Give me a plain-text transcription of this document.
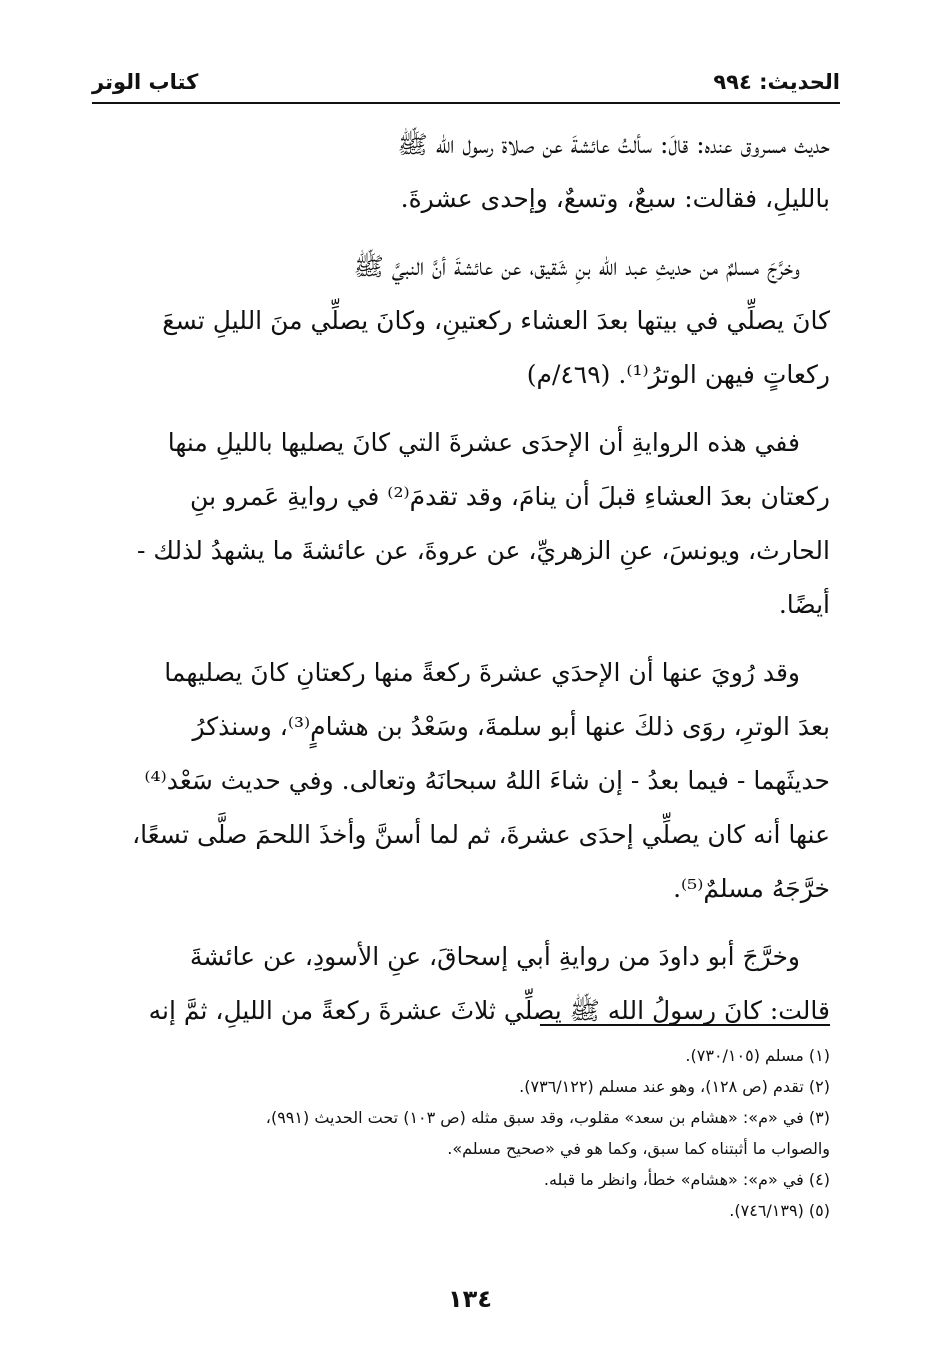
الحديث: ٩٩٤
كتاب الوتر

حديث مسروق عنده: قالَ: سألتُ عائشةَ عن صلاة رسول الله ﷺ
بالليلِ، فقالت: سبعٌ، وتسعٌ، وإحدى عشرةَ.

وخرَّجَ مسلمٌ من حديثِ عبد الله بنِ شَقيق، عن عائشةَ أنَّ النبيَّ ﷺ
كانَ يصلِّي في بيتها بعدَ العشاء ركعتينِ، وكانَ يصلِّي منَ الليلِ تسعَ
ركعاتٍ فيهن الوترُ⁽¹⁾. (٤٦٩/م)

ففي هذه الروايةِ أن الإحدَى عشرةَ التي كانَ يصليها بالليلِ منها
ركعتان بعدَ العشاءِ قبلَ أن ينامَ، وقد تقدمَ⁽²⁾ في روايةِ عَمرو بنِ
الحارث، ويونسَ، عنِ الزهريِّ، عن عروةَ، عن عائشةَ ما يشهدُ لذلك -
أيضًا.

وقد رُويَ عنها أن الإحدَي عشرةَ ركعةً منها ركعتانِ كانَ يصليهما
بعدَ الوترِ، روَى ذلكَ عنها أبو سلمةَ، وسَعْدُ بن هشامٍ⁽³⁾، وسنذكرُ
حديثَهما - فيما بعدُ - إن شاءَ اللهُ سبحانَهُ وتعالى. وفي حديث سَعْد⁽⁴⁾
عنها أنه كان يصلِّي إحدَى عشرةَ، ثم لما أسنَّ وأخذَ اللحمَ صلَّى تسعًا،
خرَّجَهُ مسلمٌ⁽⁵⁾.

وخرَّجَ أبو داودَ من روايةِ أبي إسحاقَ، عنِ الأسودِ، عن عائشةَ
قالت: كانَ رسولُ الله ﷺ يصلِّي ثلاثَ عشرةَ ركعةً من الليلِ، ثمَّ إنه

(١) مسلم (٧٣٠/١٠٥).

(٢) تقدم (ص ١٢٨)، وهو عند مسلم (٧٣٦/١٢٢).

(٣) في «م»: «هشام بن سعد» مقلوب، وقد سبق مثله (ص ١٠٣) تحت الحديث (٩٩١)،
والصواب ما أثبتناه كما سبق، وكما هو في «صحيح مسلم».

(٤) في «م»: «هشام» خطأ، وانظر ما قبله.

(٥) (٧٤٦/١٣٩).

١٣٤
